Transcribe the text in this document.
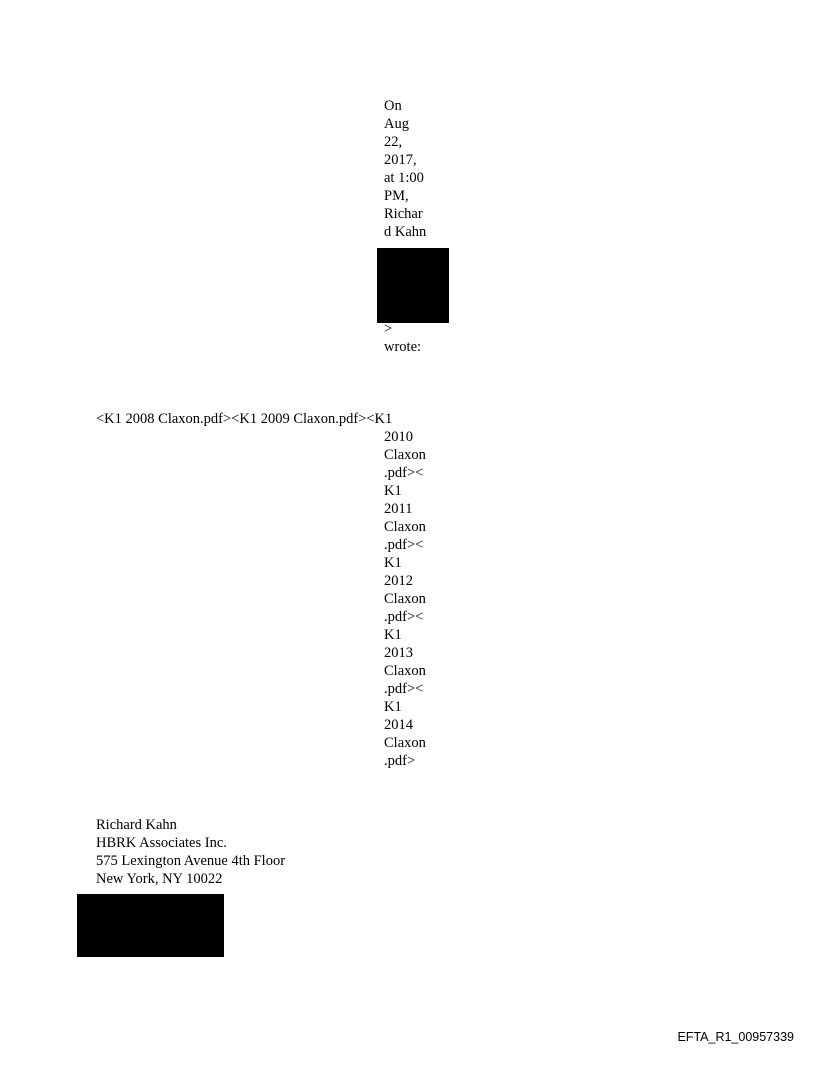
On
Aug
22,
2017,
at 1:00
PM,
Richar
d Kahn
>
wrote:
<K1 2008 Claxon.pdf><K1 2009 Claxon.pdf><K1
2010
Claxon
.pdf><
K1
2011
Claxon
.pdf><
K1
2012
Claxon
.pdf><
K1
2013
Claxon
.pdf><
K1
2014
Claxon
.pdf>
Richard Kahn
HBRK Associates Inc.
575 Lexington Avenue 4th Floor
New York, NY 10022
EFTA_R1_00957339
